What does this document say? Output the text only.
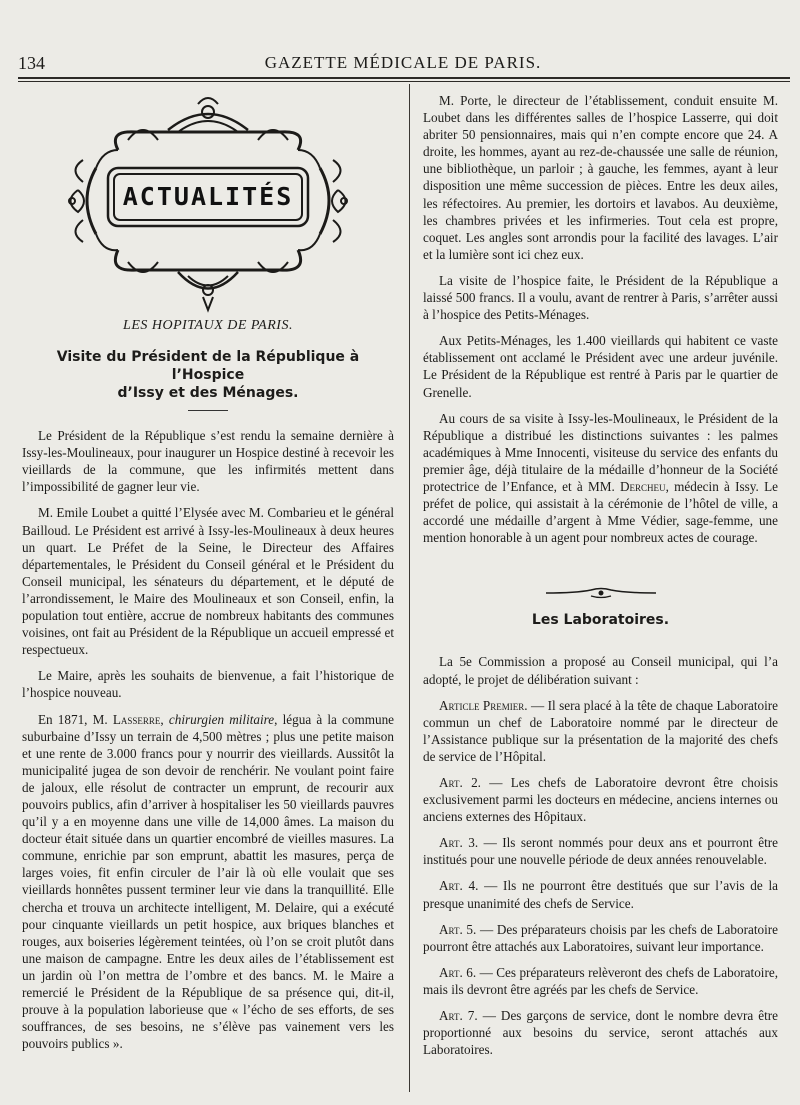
134	GAZETTE MÉDICALE DE PARIS.
ACTUALITÉS
LES HOPITAUX DE PARIS.
Visite du Président de la République à l’Hospice
d’Issy et des Ménages.

Le Président de la République s’est rendu la semaine dernière à Issy-les-Moulineaux, pour inaugurer un Hospice destiné à recevoir les vieillards de la commune, que les infirmités mettent dans l’impossibilité de gagner leur vie.

M. Emile Loubet a quitté l’Elysée avec M. Combarieu et le général Bailloud. Le Président est arrivé à Issy-les-Moulineaux à deux heures un quart. Le Préfet de la Seine, le Directeur des Affaires départementales, le Président du Conseil général et le Président du Conseil municipal, les sénateurs du département, et le député de l’arrondissement, le Maire des Moulineaux et son Conseil, enfin, la population tout entière, accrue de nombreux habitants des communes voisines, ont fait au Président de la République un accueil empressé et respectueux.

Le Maire, après les souhaits de bienvenue, a fait l’historique de l’hospice nouveau.

En 1871, M. Lasserre, chirurgien militaire, légua à la commune suburbaine d’Issy un terrain de 4,500 mètres ; plus une petite maison et une rente de 3.000 francs pour y nourrir des vieillards. Aussitôt la municipalité jugea de son devoir de renchérir. Ne voulant point faire de jaloux, elle résolut de contracter un emprunt, de recourir aux pouvoirs publics, afin d’arriver à hospitaliser les 50 vieillards pauvres qu’il y a en moyenne dans une ville de 14,000 âmes. La maison du docteur était située dans un quartier encombré de vieilles masures. La commune, enrichie par son emprunt, abattit les masures, perça de larges voies, fit enfin circuler de l’air là où elle voulait que ses vieillards honnêtes pussent terminer leur vie dans la tranquillité. Elle chercha et trouva un architecte intelligent, M. Delaire, qui a exécuté pour cinquante vieillards un petit hospice, aux briques blanches et rouges, aux boiseries légèrement teintées, où l’on se croit plutôt dans une maison de campagne. Entre les deux ailes de l’établissement est un jardin où l’on mettra de l’ombre et des bancs. M. le Maire a remercié le Président de la République de sa présence qui, dit-il, prouve à la population laborieuse que « l’écho de ses efforts, de ses souffrances, de ses besoins, ne s’élève pas vainement vers les pouvoirs publics ».

M. Porte, le directeur de l’établissement, conduit ensuite M. Loubet dans les différentes salles de l’hospice Lasserre, qui doit abriter 50 pensionnaires, mais qui n’en compte encore que 24. A droite, les hommes, ayant au rez-de-chaussée une salle de réunion, une bibliothèque, un parloir ; à gauche, les femmes, ayant à leur disposition une même succession de pièces. Entre les deux ailes, les réfectoires. Au premier, les dortoirs et lavabos. Au deuxième, les chambres privées et les infirmeries. Tout cela est propre, coquet. Les angles sont arrondis pour la facilité des lavages. L’air et la lumière sont ici chez eux.

La visite de l’hospice faite, le Président de la République a laissé 500 francs. Il a voulu, avant de rentrer à Paris, s’arrêter aussi à l’hospice des Petits-Ménages.

Aux Petits-Ménages, les 1.400 vieillards qui habitent ce vaste établissement ont acclamé le Président avec une ardeur juvénile. Le Président de la République est rentré à Paris par le quartier de Grenelle.

Au cours de sa visite à Issy-les-Moulineaux, le Président de la République a distribué les distinctions suivantes : les palmes académiques à Mme Innocenti, visiteuse du service des enfants du premier âge, déjà titulaire de la médaille d’honneur de la Société protectrice de l’Enfance, et à MM. Dercheu, médecin à Issy. Le préfet de police, qui assistait à la cérémonie de l’hôtel de ville, a accordé une médaille d’argent à Mme Védier, sage-femme, une mention honorable à un agent pour nombreux actes de courage.

Les Laboratoires.

La 5e Commission a proposé au Conseil municipal, qui l’a adopté, le projet de délibération suivant :

Article Premier. — Il sera placé à la tête de chaque Laboratoire commun un chef de Laboratoire nommé par le directeur de l’Assistance publique sur la présentation de la majorité des chefs de service de l’Hôpital.

Art. 2. — Les chefs de Laboratoire devront être choisis exclusivement parmi les docteurs en médecine, anciens internes ou anciens externes des Hôpitaux.

Art. 3. — Ils seront nommés pour deux ans et pourront être institués pour une nouvelle période de deux années renouvelable.

Art. 4. — Ils ne pourront être destitués que sur l’avis de la presque unanimité des chefs de Service.

Art. 5. — Des préparateurs choisis par les chefs de Laboratoire pourront être attachés aux Laboratoires, suivant leur importance.

Art. 6. — Ces préparateurs relèveront des chefs de Laboratoire, mais ils devront être agréés par les chefs de Service.

Art. 7. — Des garçons de service, dont le nombre devra être proportionné aux besoins du service, seront attachés aux Laboratoires.
